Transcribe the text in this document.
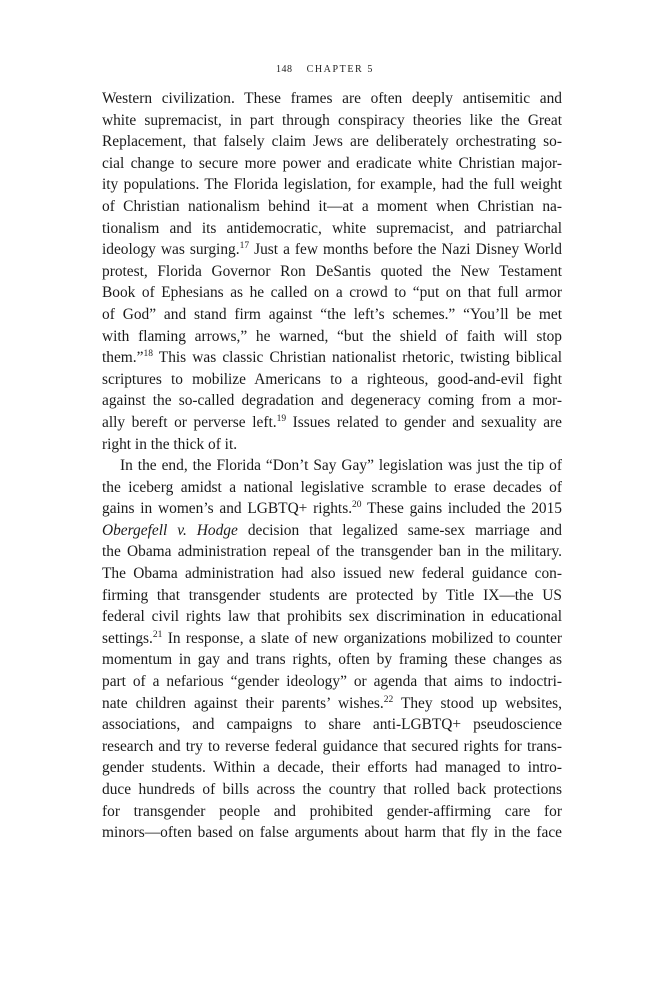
148 CHAPTER 5
Western civilization. These frames are often deeply antisemitic and
white supremacist, in part through conspiracy theories like the Great
Replacement, that falsely claim Jews are deliberately orchestrating so-
cial change to secure more power and eradicate white Christian major-
ity populations. The Florida legislation, for example, had the full weight
of Christian nationalism behind it—at a moment when Christian na-
tionalism and its antidemocratic, white supremacist, and patriarchal
ideology was surging.$^{17}$ Just a few months before the Nazi Disney World
protest, Florida Governor Ron DeSantis quoted the New Testament
Book of Ephesians as he called on a crowd to “put on that full armor
of God” and stand firm against “the left’s schemes.” “You’ll be met
with flaming arrows,” he warned, “but the shield of faith will stop
them.”$^{18}$ This was classic Christian nationalist rhetoric, twisting biblical
scriptures to mobilize Americans to a righteous, good-and-evil fight
against the so-called degradation and degeneracy coming from a mor-
ally bereft or perverse left.$^{19}$ Issues related to gender and sexuality are
right in the thick of it.
In the end, the Florida “Don’t Say Gay” legislation was just the tip of
the iceberg amidst a national legislative scramble to erase decades of
gains in women’s and LGBTQ+ rights.$^{20}$ These gains included the 2015
Obergefell v. Hodge decision that legalized same-sex marriage and
the Obama administration repeal of the transgender ban in the military.
The Obama administration had also issued new federal guidance con-
firming that transgender students are protected by Title IX—the US
federal civil rights law that prohibits sex discrimination in educational
settings.$^{21}$ In response, a slate of new organizations mobilized to counter
momentum in gay and trans rights, often by framing these changes as
part of a nefarious “gender ideology” or agenda that aims to indoctri-
nate children against their parents’ wishes.$^{22}$ They stood up websites,
associations, and campaigns to share anti-LGBTQ+ pseudoscience
research and try to reverse federal guidance that secured rights for trans-
gender students. Within a decade, their efforts had managed to intro-
duce hundreds of bills across the country that rolled back protections
for transgender people and prohibited gender-affirming care for
minors—often based on false arguments about harm that fly in the face
